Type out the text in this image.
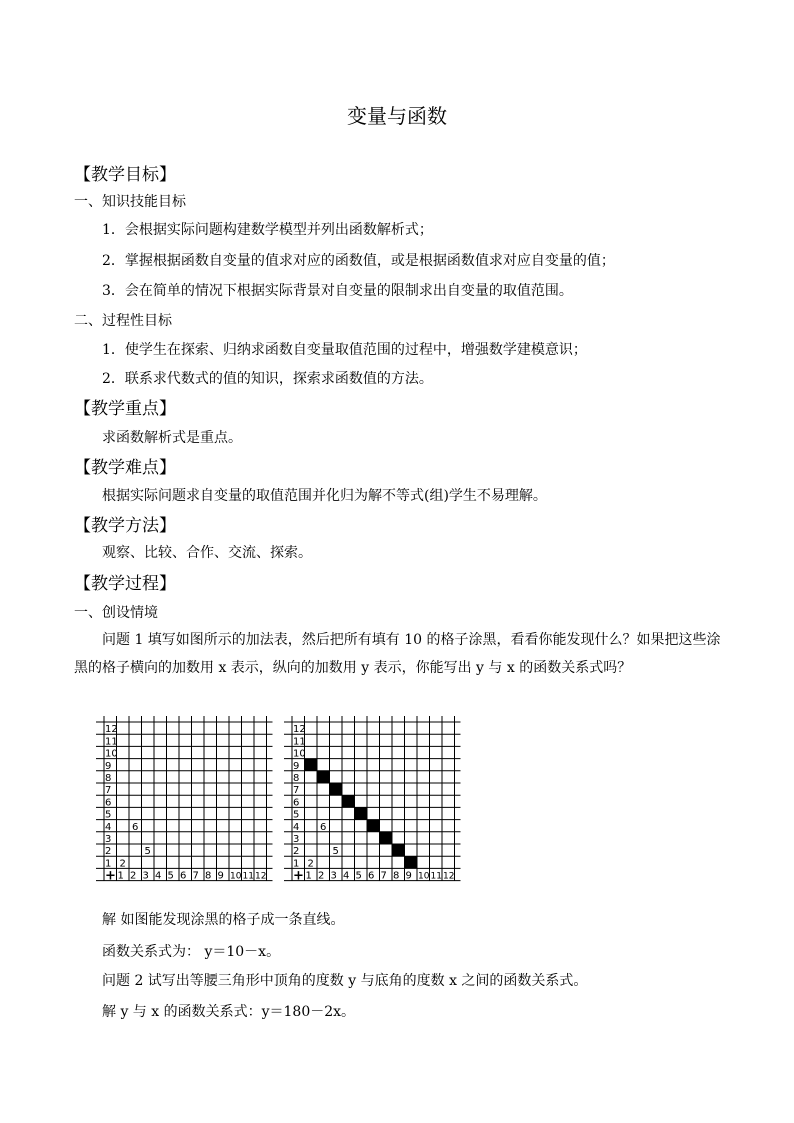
变量与函数
【教学目标】
一、知识技能目标
1．会根据实际问题构建数学模型并列出函数解析式；
2．掌握根据函数自变量的值求对应的函数值，或是根据函数值求对应自变量的值；
3．会在简单的情况下根据实际背景对自变量的限制求出自变量的取值范围。
二、过程性目标
1．使学生在探索、归纳求函数自变量取值范围的过程中，增强数学建模意识；
2．联系求代数式的值的知识，探索求函数值的方法。
【教学重点】
求函数解析式是重点。
【教学难点】
根据实际问题求自变量的取值范围并化归为解不等式(组)学生不易理解。
【教学方法】
观察、比较、合作、交流、探索。
【教学过程】
一、创设情境
问题 1 填写如图所示的加法表，然后把所有填有 10 的格子涂黑，看看你能发现什么？如果把这些涂黑的格子横向的加数用 x 表示，纵向的加数用 y 表示，你能写出 y 与 x 的函数关系式吗？
12
11
10
9
8
7
6
5
4
3
2
1
1 2 3 4 5 6 7 8 9 10 11 12
+
2
6
5
12
11
10
9
8
7
6
5
4
3
2
1
1 2 3 4 5 6 7 8 9 10 11 12
+
2
6
5
解 如图能发现涂黑的格子成一条直线。
函数关系式为： y＝10－x。
问题 2 试写出等腰三角形中顶角的度数 y 与底角的度数 x 之间的函数关系式。
解 y 与 x 的函数关系式：y＝180－2x。
